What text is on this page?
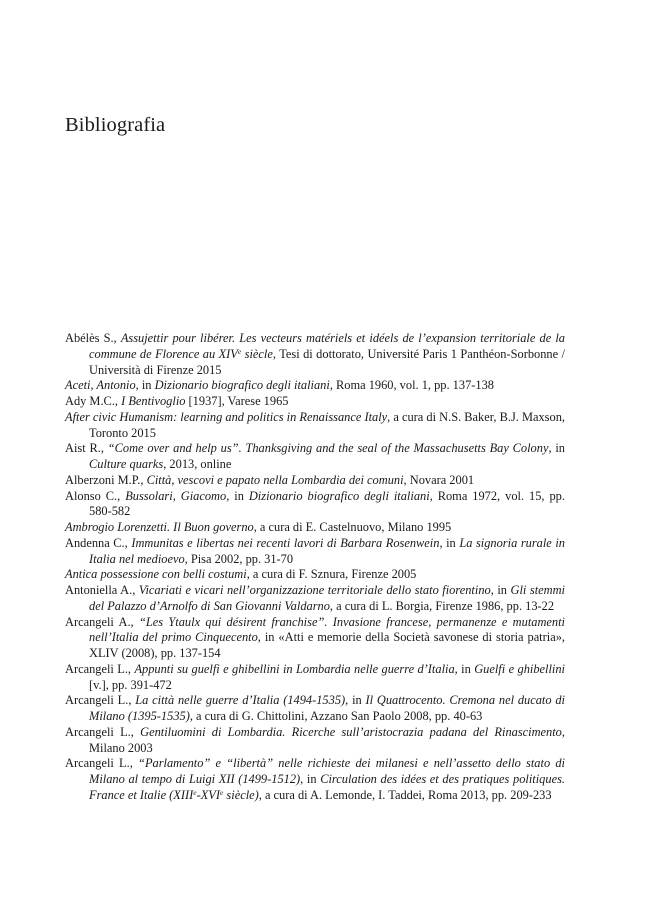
Bibliografia
Abélès S., Assujettir pour libérer. Les vecteurs matériels et idéels de l’expansion territoriale de la commune de Florence au XIVe siècle, Tesi di dottorato, Université Paris 1 Panthéon-Sorbonne / Università di Firenze 2015
Aceti, Antonio, in Dizionario biografico degli italiani, Roma 1960, vol. 1, pp. 137-138
Ady M.C., I Bentivoglio [1937], Varese 1965
After civic Humanism: learning and politics in Renaissance Italy, a cura di N.S. Baker, B.J. Maxson, Toronto 2015
Aist R., “Come over and help us”. Thanksgiving and the seal of the Massachusetts Bay Colony, in Culture quarks, 2013, online
Alberzoni M.P., Città, vescovi e papato nella Lombardia dei comuni, Novara 2001
Alonso C., Bussolari, Giacomo, in Dizionario biografico degli italiani, Roma 1972, vol. 15, pp. 580-582
Ambrogio Lorenzetti. Il Buon governo, a cura di E. Castelnuovo, Milano 1995
Andenna C., Immunitas e libertas nei recenti lavori di Barbara Rosenwein, in La signoria rurale in Italia nel medioevo, Pisa 2002, pp. 31-70
Antica possessione con belli costumi, a cura di F. Sznura, Firenze 2005
Antoniella A., Vicariati e vicari nell’organizzazione territoriale dello stato fiorentino, in Gli stemmi del Palazzo d’Arnolfo di San Giovanni Valdarno, a cura di L. Borgia, Firenze 1986, pp. 13-22
Arcangeli A., “Les Ytaulx qui désirent franchise”. Invasione francese, permanenze e mutamenti nell’Italia del primo Cinquecento, in «Atti e memorie della Società savonese di storia patria», XLIV (2008), pp. 137-154
Arcangeli L., Appunti su guelfi e ghibellini in Lombardia nelle guerre d’Italia, in Guelfi e ghibellini [v.], pp. 391-472
Arcangeli L., La città nelle guerre d’Italia (1494-1535), in Il Quattrocento. Cremona nel ducato di Milano (1395-1535), a cura di G. Chittolini, Azzano San Paolo 2008, pp. 40-63
Arcangeli L., Gentiluomini di Lombardia. Ricerche sull’aristocrazia padana del Rinascimento, Milano 2003
Arcangeli L., “Parlamento” e “libertà” nelle richieste dei milanesi e nell’assetto dello stato di Milano al tempo di Luigi XII (1499-1512), in Circulation des idées et des pratiques politiques. France et Italie (XIIIe-XVIe siècle), a cura di A. Lemonde, I. Taddei, Roma 2013, pp. 209-233
